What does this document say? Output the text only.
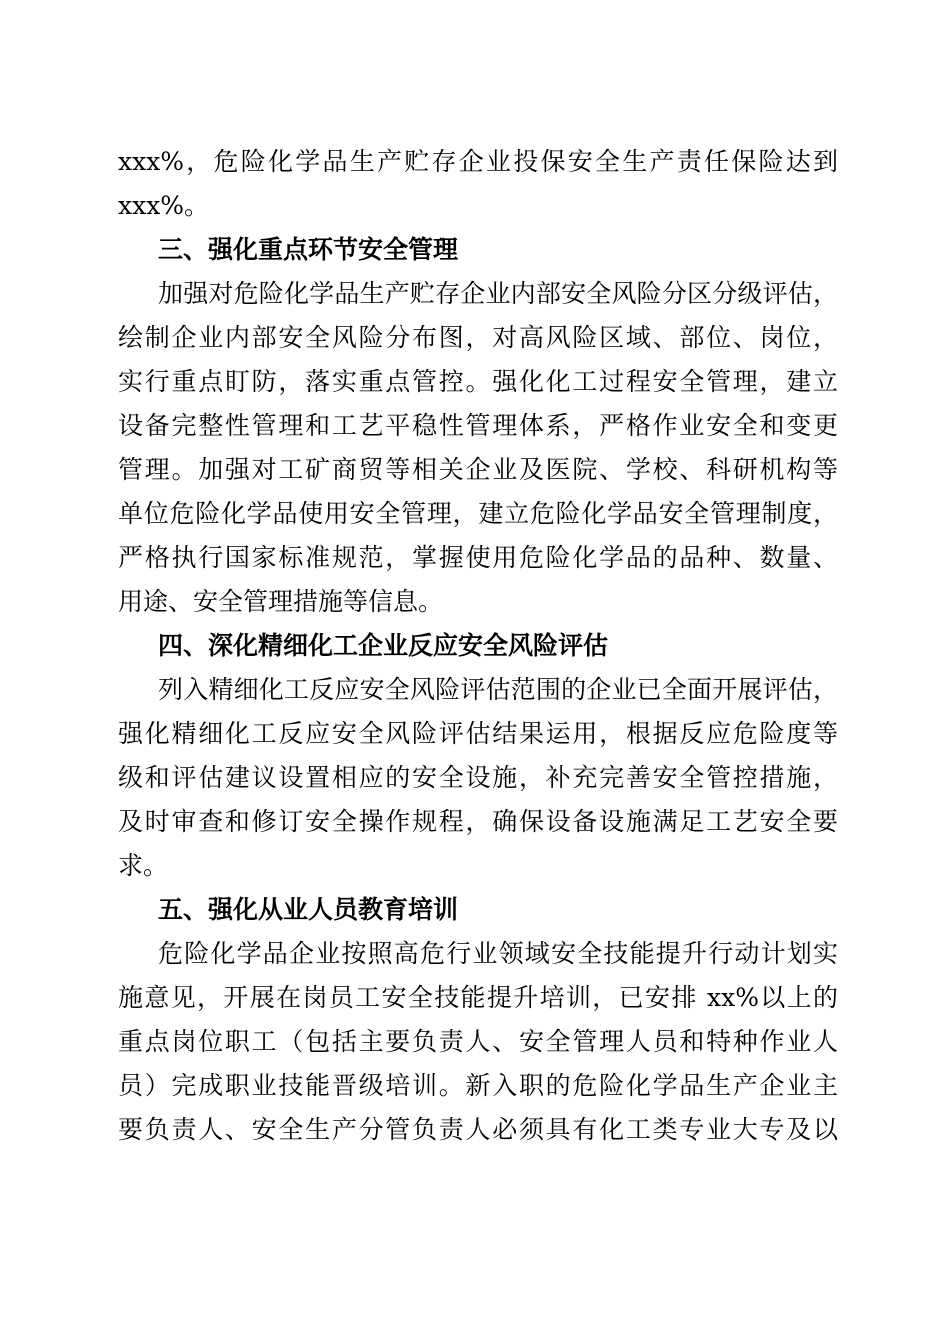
xxx%，危险化学品生产贮存企业投保安全生产责任保险达到
xxx%。
三、强化重点环节安全管理
加强对危险化学品生产贮存企业内部安全风险分区分级评估，
绘制企业内部安全风险分布图，对高风险区域、部位、岗位，
实行重点盯防，落实重点管控。强化化工过程安全管理，建立
设备完整性管理和工艺平稳性管理体系，严格作业安全和变更
管理。加强对工矿商贸等相关企业及医院、学校、科研机构等
单位危险化学品使用安全管理，建立危险化学品安全管理制度，
严格执行国家标准规范，掌握使用危险化学品的品种、数量、
用途、安全管理措施等信息。
四、深化精细化工企业反应安全风险评估
列入精细化工反应安全风险评估范围的企业已全面开展评估，
强化精细化工反应安全风险评估结果运用，根据反应危险度等
级和评估建议设置相应的安全设施，补充完善安全管控措施，
及时审查和修订安全操作规程，确保设备设施满足工艺安全要
求。
五、强化从业人员教育培训
危险化学品企业按照高危行业领域安全技能提升行动计划实
施意见，开展在岗员工安全技能提升培训，已安排 xx%以上的
重点岗位职工（包括主要负责人、安全管理人员和特种作业人
员）完成职业技能晋级培训。新入职的危险化学品生产企业主
要负责人、安全生产分管负责人必须具有化工类专业大专及以
